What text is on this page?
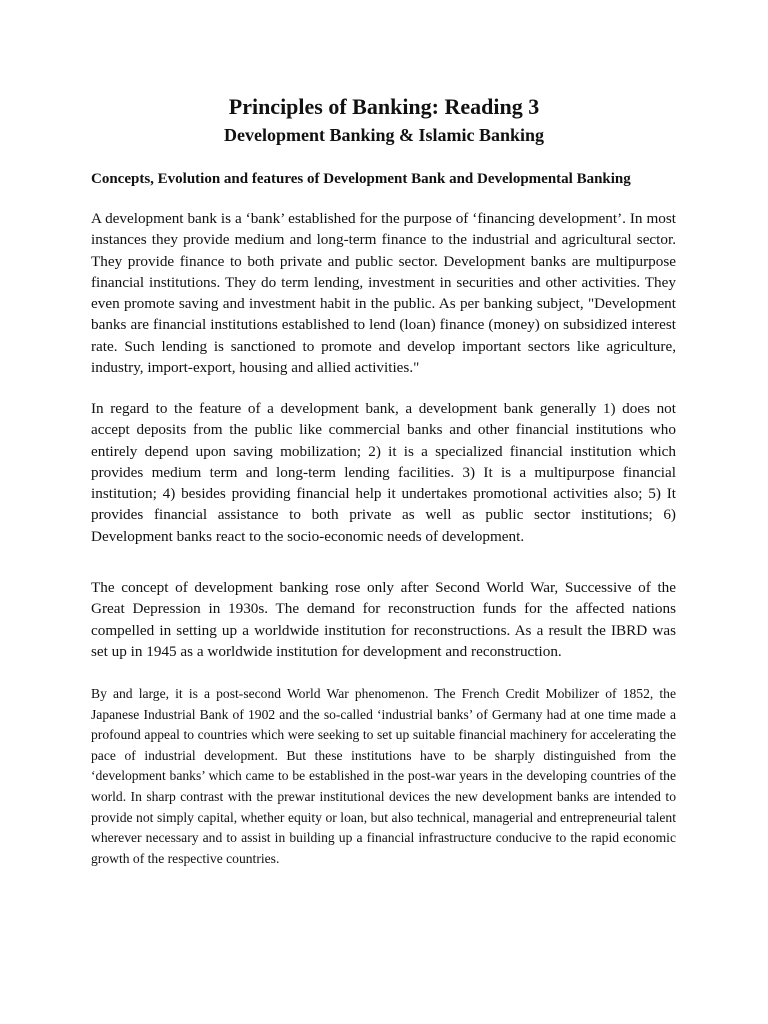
Principles of Banking: Reading 3
Development Banking & Islamic Banking
Concepts, Evolution and features of Development Bank and Developmental Banking

A development bank is a ‘bank’ established for the purpose of ‘financing development’. In most instances they provide medium and long-term finance to the industrial and agricultural sector. They provide finance to both private and public sector. Development banks are multipurpose financial institutions. They do term lending, investment in securities and other activities. They even promote saving and investment habit in the public. As per banking subject, "Development banks are financial institutions established to lend (loan) finance (money) on subsidized interest rate. Such lending is sanctioned to promote and develop important sectors like agriculture, industry, import-export, housing and allied activities."

In regard to the feature of a development bank, a development bank generally 1) does not accept deposits from the public like commercial banks and other financial institutions who entirely depend upon saving mobilization; 2) it is a specialized financial institution which provides medium term and long-term lending facilities. 3) It is a multipurpose financial institution; 4) besides providing financial help it undertakes promotional activities also; 5) It provides financial assistance to both private as well as public sector institutions; 6) Development banks react to the socio-economic needs of development.

The concept of development banking rose only after Second World War, Successive of the Great Depression in 1930s. The demand for reconstruction funds for the affected nations compelled in setting up a worldwide institution for reconstructions. As a result the IBRD was set up in 1945 as a worldwide institution for development and reconstruction.

By and large, it is a post-second World War phenomenon. The French Credit Mobilizer of 1852, the Japanese Industrial Bank of 1902 and the so-called ‘industrial banks’ of Germany had at one time made a profound appeal to countries which were seeking to set up suitable financial machinery for accelerating the pace of industrial development. But these institutions have to be sharply distinguished from the ‘development banks’ which came to be established in the post-war years in the developing countries of the world. In sharp contrast with the prewar institutional devices the new development banks are intended to provide not simply capital, whether equity or loan, but also technical, managerial and entrepreneurial talent wherever necessary and to assist in building up a financial infrastructure conducive to the rapid economic growth of the respective countries.
